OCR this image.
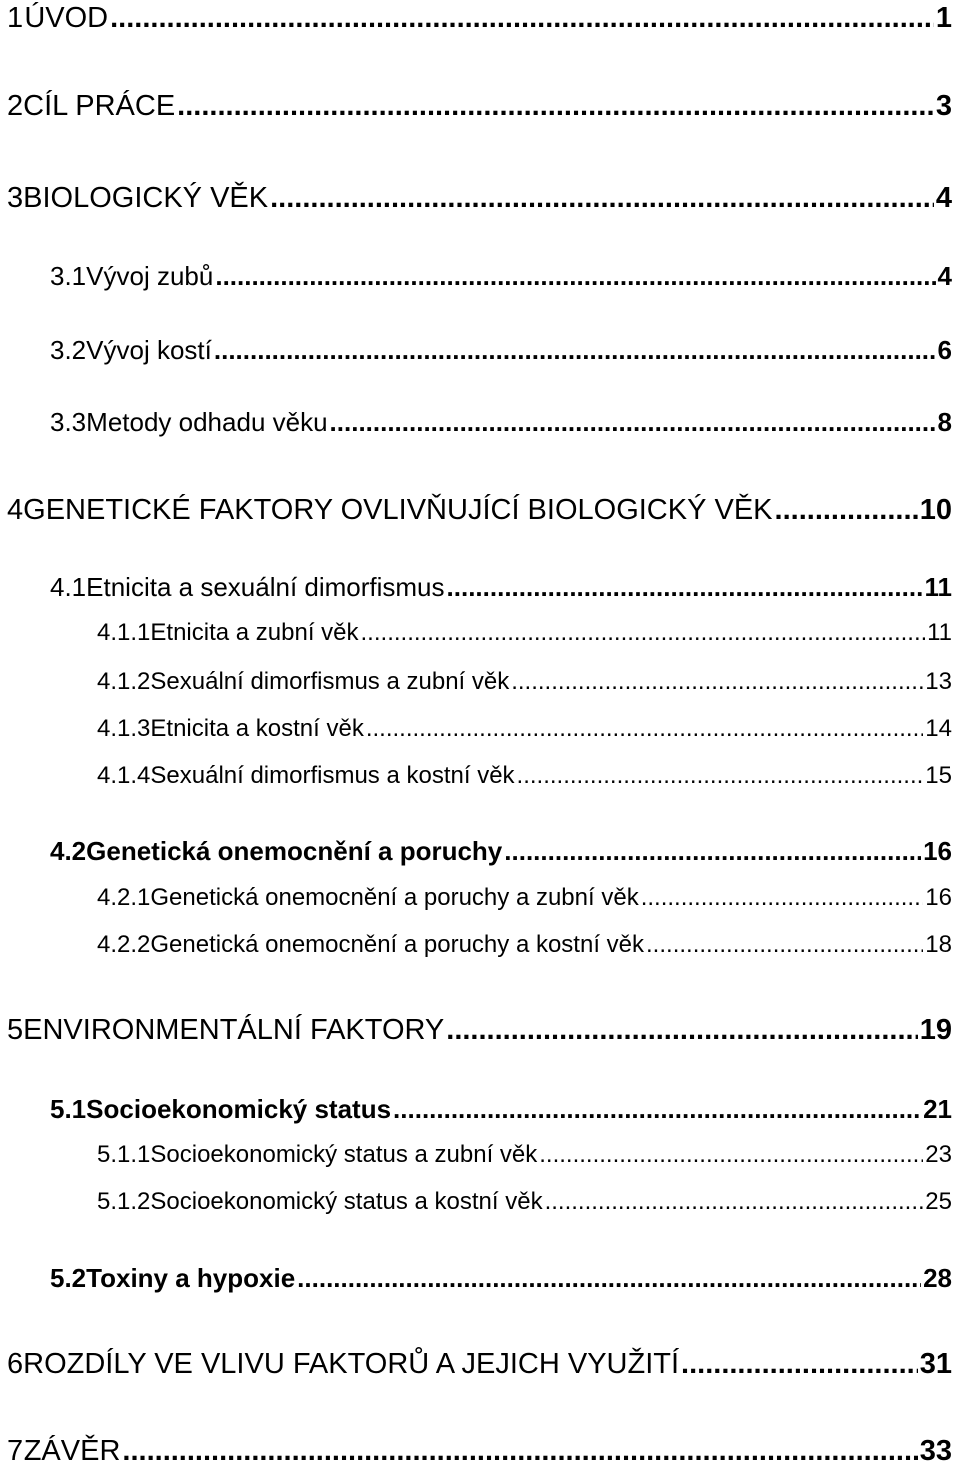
1 ÚVOD .....	1
2 CÍL PRÁCE .....	3
3 BIOLOGICKÝ VĚK .....	4
3.1 Vývoj zubů .....	4
3.2 Vývoj kostí .....	6
3.3 Metody odhadu věku .....	8
4 GENETICKÉ FAKTORY OVLIVŇUJÍCÍ BIOLOGICKÝ VĚK .....	10
4.1 Etnicita a sexuální dimorfismus .....	11
4.1.1 Etnicita a zubní věk .....	11
4.1.2 Sexuální dimorfismus a zubní věk .....	13
4.1.3 Etnicita a kostní věk .....	14
4.1.4 Sexuální dimorfismus a kostní věk .....	15
4.2 Genetická onemocnění a poruchy .....	16
4.2.1 Genetická onemocnění a poruchy a zubní věk .....	16
4.2.2 Genetická onemocnění a poruchy a kostní věk .....	18
5 ENVIRONMENTÁLNÍ FAKTORY .....	19
5.1 Socioekonomický status .....	21
5.1.1 Socioekonomický status a zubní věk .....	23
5.1.2 Socioekonomický status a kostní věk .....	25
5.2 Toxiny a hypoxie .....	28
6 ROZDÍLY VE VLIVU FAKTORŮ A JEJICH VYUŽITÍ .....	31
7 ZÁVĚR .....	33
